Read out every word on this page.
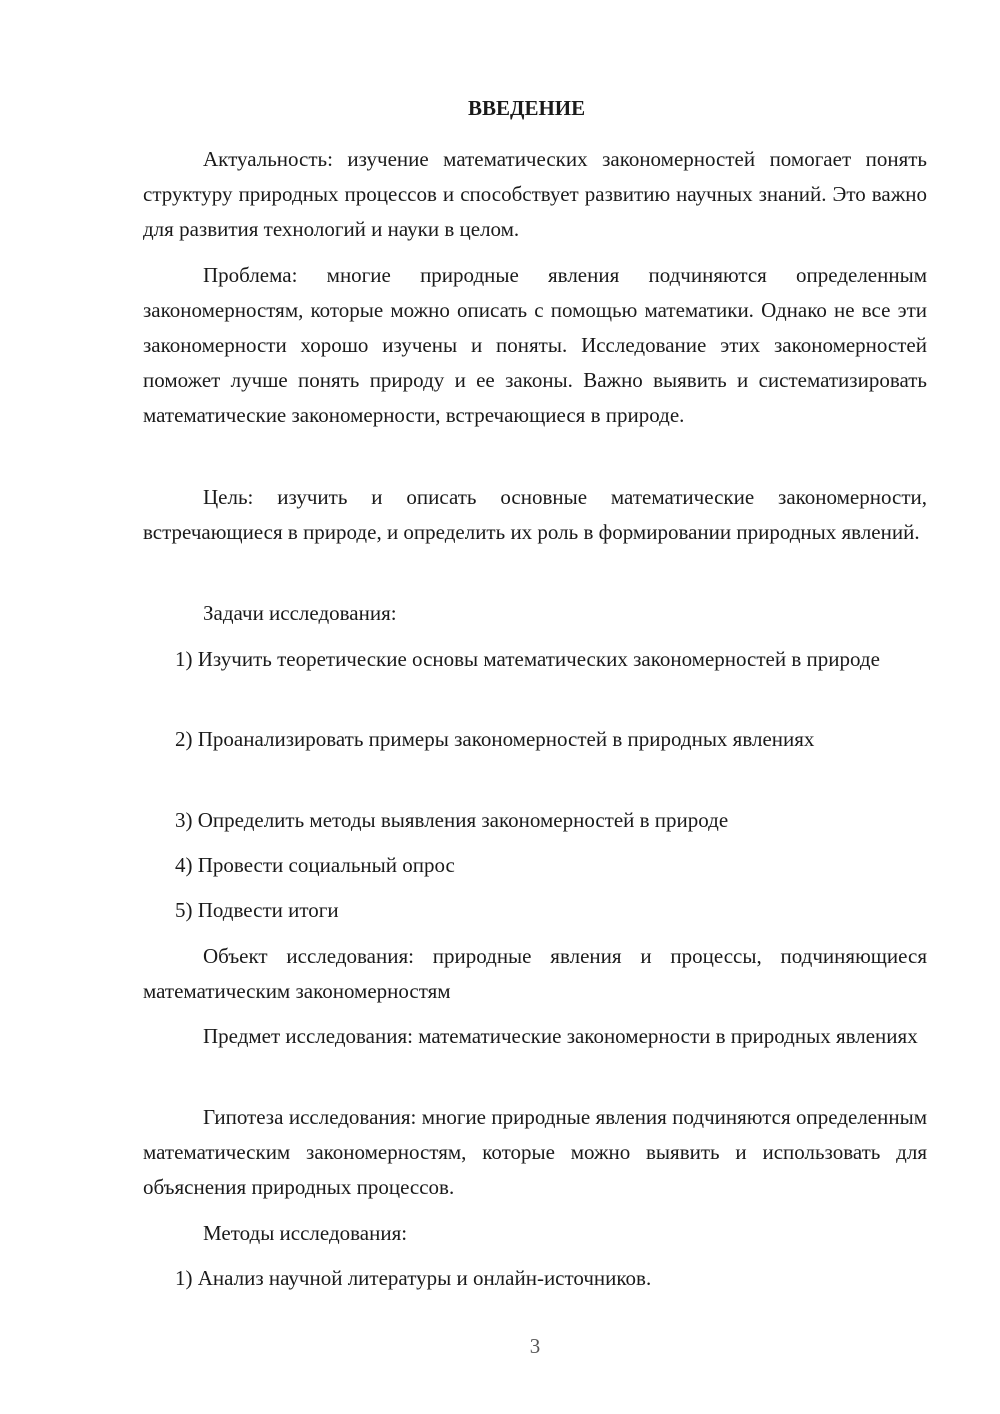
ВВЕДЕНИЕ
Актуальность: изучение математических закономерностей помогает понять структуру природных процессов и способствует развитию научных знаний. Это важно для развития технологий и науки в целом.
Проблема: многие природные явления подчиняются определенным закономерностям, которые можно описать с помощью математики. Однако не все эти закономерности хорошо изучены и поняты. Исследование этих закономерностей поможет лучше понять природу и ее законы. Важно выявить и систематизировать математические закономерности, встречающиеся в природе.
Цель: изучить и описать основные математические закономерности, встречающиеся в природе, и определить их роль в формировании природных явлений.
Задачи исследования:
1) Изучить теоретические основы математических закономерностей в природе
2) Проанализировать примеры закономерностей в природных явлениях
3) Определить методы выявления закономерностей в природе
4) Провести социальный опрос
5) Подвести итоги
Объект исследования: природные явления и процессы, подчиняющиеся математическим закономерностям
Предмет исследования: математические закономерности в природных явлениях
Гипотеза исследования: многие природные явления подчиняются определенным математическим закономерностям, которые можно выявить и использовать для объяснения природных процессов.
Методы исследования:
1) Анализ научной литературы и онлайн-источников.
3
